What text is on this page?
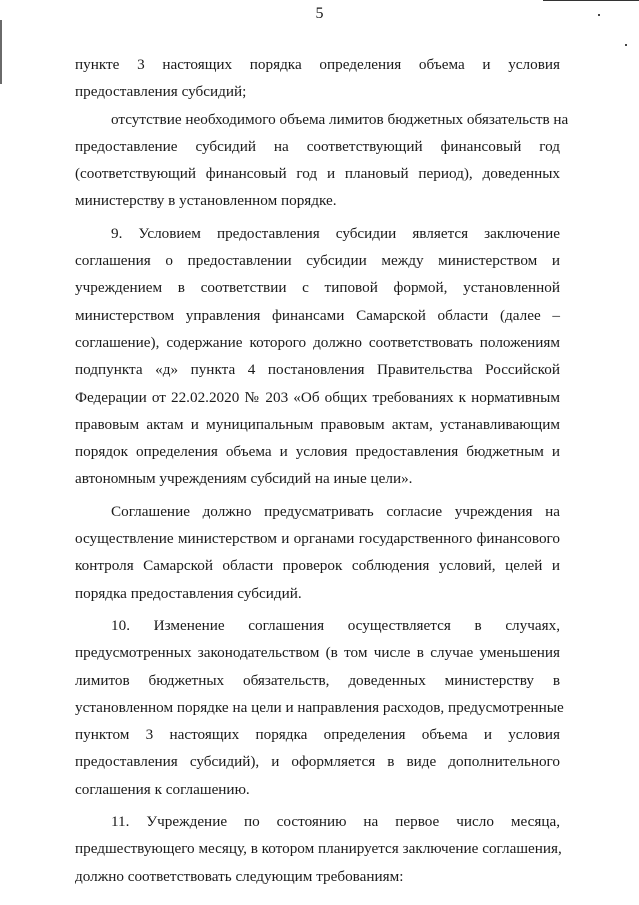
5
пункте 3 настоящих порядка определения объема и условия
предоставления субсидий;
отсутствие необходимого объема лимитов бюджетных обязательств на
предоставление субсидий на соответствующий финансовый год
(соответствующий финансовый год и плановый период), доведенных
министерству в установленном порядке.
9. Условием предоставления субсидии является заключение
соглашения о предоставлении субсидии между министерством и
учреждением в соответствии с типовой формой, установленной
министерством управления финансами Самарской области (далее –
соглашение), содержание которого должно соответствовать положениям
подпункта «д» пункта 4 постановления Правительства Российской
Федерации от 22.02.2020 № 203 «Об общих требованиях к нормативным
правовым актам и муниципальным правовым актам, устанавливающим
порядок определения объема и условия предоставления бюджетным и
автономным учреждениям субсидий на иные цели».
Соглашение должно предусматривать согласие учреждения на
осуществление министерством и органами государственного финансового
контроля Самарской области проверок соблюдения условий, целей и
порядка предоставления субсидий.
10. Изменение соглашения осуществляется в случаях,
предусмотренных законодательством (в том числе в случае уменьшения
лимитов бюджетных обязательств, доведенных министерству в
установленном порядке на цели и направления расходов, предусмотренные
пунктом 3 настоящих порядка определения объема и условия
предоставления субсидий), и оформляется в виде дополнительного
соглашения к соглашению.
11. Учреждение по состоянию на первое число месяца,
предшествующего месяцу, в котором планируется заключение соглашения,
должно соответствовать следующим требованиям:
